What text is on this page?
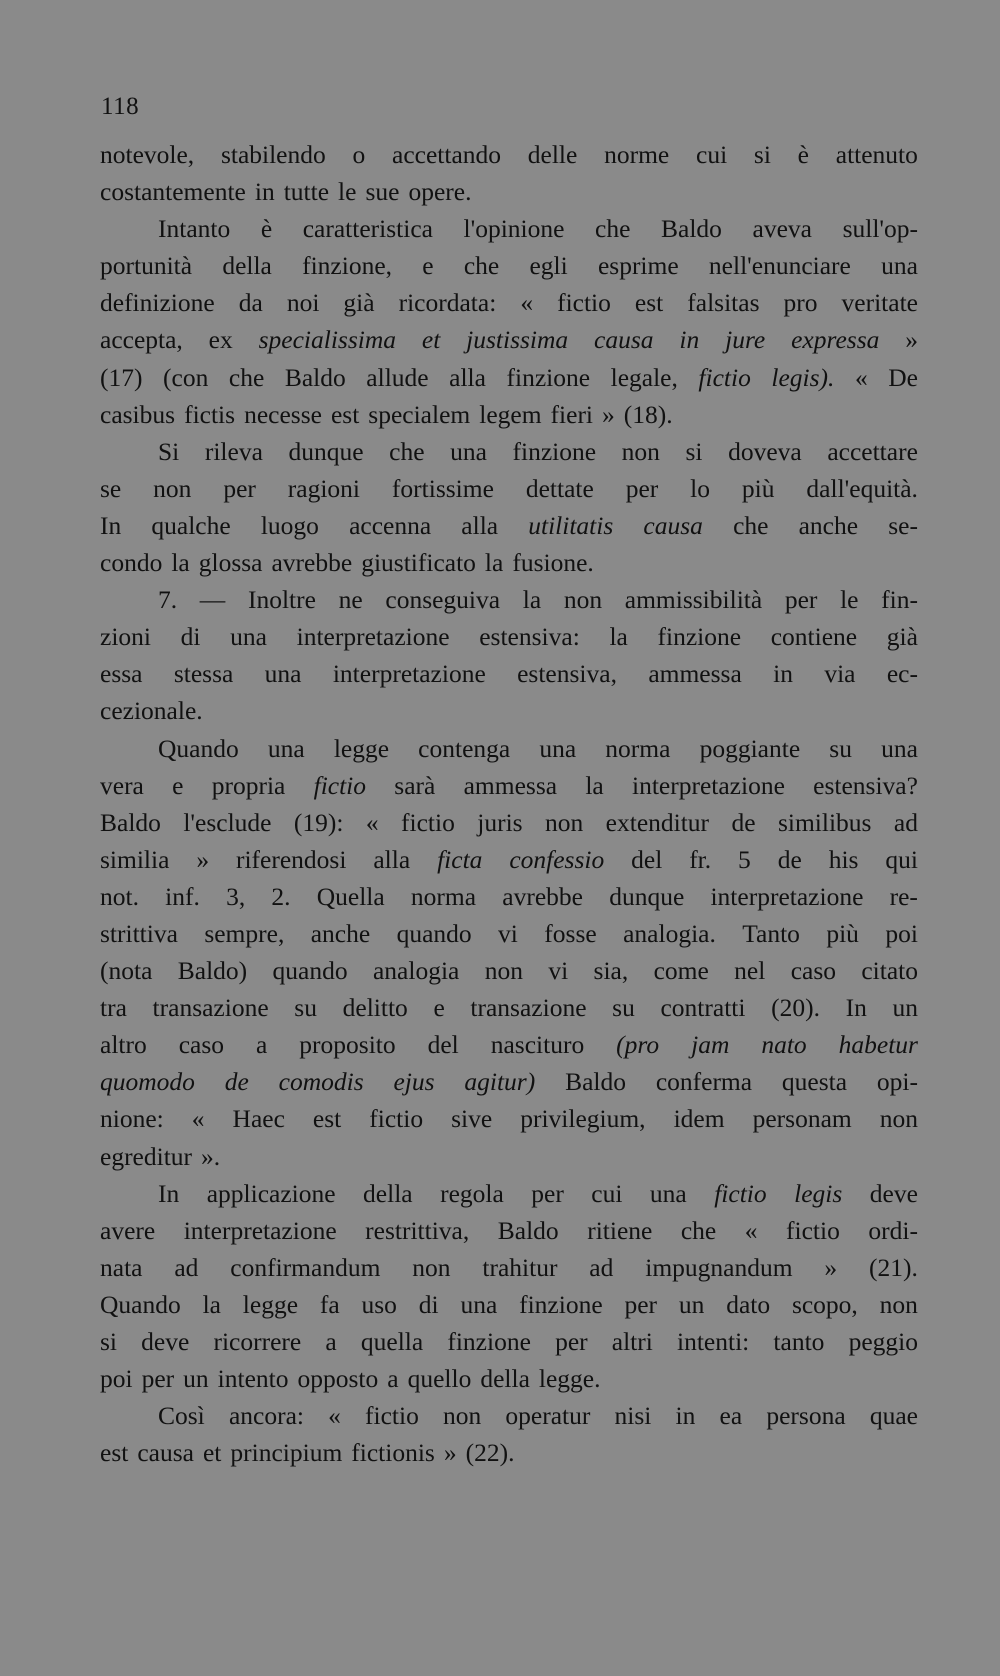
118
notevole, stabilendo o accettando delle norme cui si è attenuto
costantemente in tutte le sue opere.
Intanto è caratteristica l'opinione che Baldo aveva sull'op-
portunità della finzione, e che egli esprime nell'enunciare una
definizione da noi già ricordata: « fictio est falsitas pro veritate
accepta, ex specialissima et justissima causa in jure expressa »
(17) (con che Baldo allude alla finzione legale, fictio legis). « De
casibus fictis necesse est specialem legem fieri » (18).
Si rileva dunque che una finzione non si doveva accettare
se non per ragioni fortissime dettate per lo più dall'equità.
In qualche luogo accenna alla utilitatis causa che anche se-
condo la glossa avrebbe giustificato la fusione.
7. — Inoltre ne conseguiva la non ammissibilità per le fin-
zioni di una interpretazione estensiva: la finzione contiene già
essa stessa una interpretazione estensiva, ammessa in via ec-
cezionale.
Quando una legge contenga una norma poggiante su una
vera e propria fictio sarà ammessa la interpretazione estensiva?
Baldo l'esclude (19): « fictio juris non extenditur de similibus ad
similia » riferendosi alla ficta confessio del fr. 5 de his qui
not. inf. 3, 2. Quella norma avrebbe dunque interpretazione re-
strittiva sempre, anche quando vi fosse analogia. Tanto più poi
(nota Baldo) quando analogia non vi sia, come nel caso citato
tra transazione su delitto e transazione su contratti (20). In un
altro caso a proposito del nascituro (pro jam nato habetur
quomodo de comodis ejus agitur) Baldo conferma questa opi-
nione: « Haec est fictio sive privilegium, idem personam non
egreditur ».
In applicazione della regola per cui una fictio legis deve
avere interpretazione restrittiva, Baldo ritiene che « fictio ordi-
nata ad confirmandum non trahitur ad impugnandum » (21).
Quando la legge fa uso di una finzione per un dato scopo, non
si deve ricorrere a quella finzione per altri intenti: tanto peggio
poi per un intento opposto a quello della legge.
Così ancora: « fictio non operatur nisi in ea persona quae
est causa et principium fictionis » (22).
